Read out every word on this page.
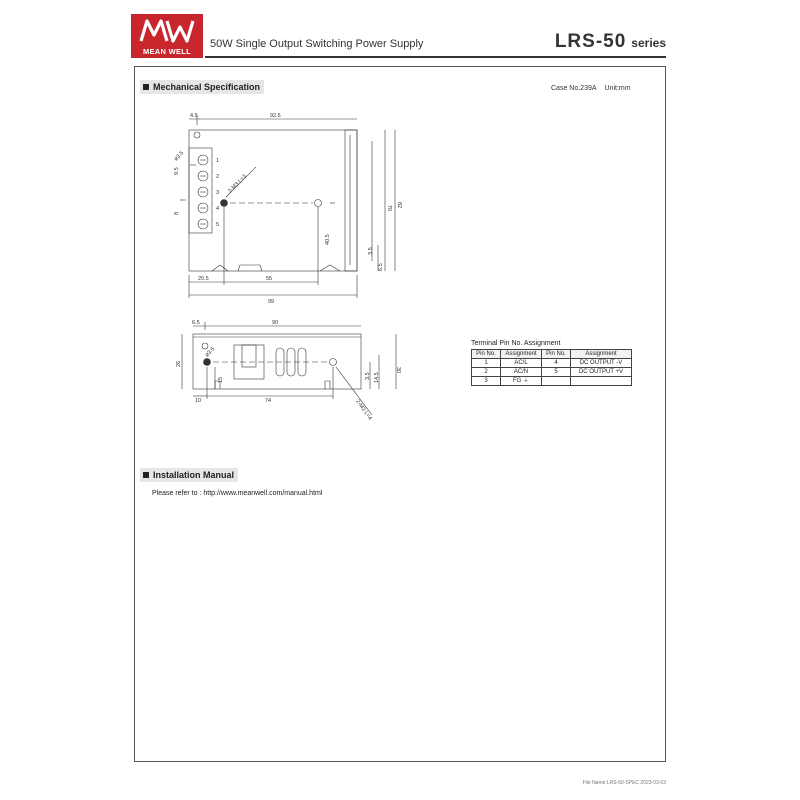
MEAN WELL
50W Single Output Switching Power Supply	LRS-50 series
Mechanical Specification	Case No.239A Unit:mm
4.5	92.5
82
70
40.5
9.5
8
20.5	55
99
3.5
6.5
2-M3 L=3
ø3.5	1
2
3
4
5
6.5	90
26
15
10	74
3.5 14.5
30
ø3.5
2-M3 L=4
Terminal Pin No. Assignment
Pin No.	Assignment	Pin No.	Assignment
1	AC/L	4	DC OUTPUT -V
2	AC/N	5	DC OUTPUT +V
3	FG ⏚		
Installation Manual
Please refer to : http://www.meanwell.com/manual.html
File Name:LRS-50-SPEC 2023-03-03
